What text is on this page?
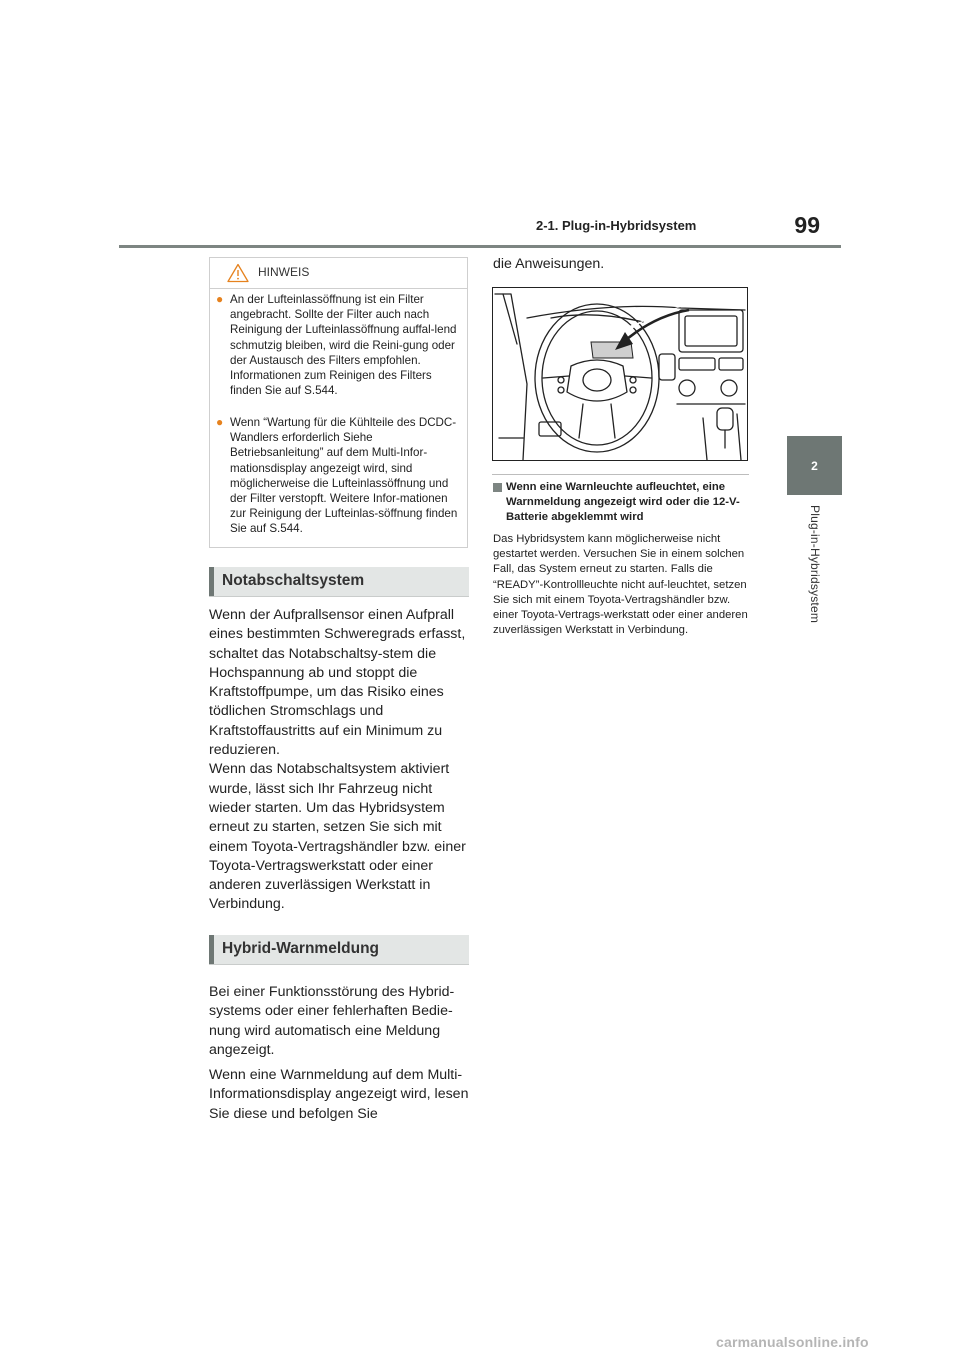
2-1. Plug-in-Hybridsystem	99
2
Plug-in-Hybridsystem
HINWEIS
● An der Lufteinlassöffnung ist ein Filter angebracht. Sollte der Filter auch nach Reinigung der Lufteinlassöffnung auffal-lend schmutzig bleiben, wird die Reini-gung oder der Austausch des Filters empfohlen. Informationen zum Reinigen des Filters finden Sie auf S.544.
● Wenn “Wartung für die Kühlteile des DCDC-Wandlers erforderlich Siehe Betriebsanleitung” auf dem Multi-Infor-mationsdisplay angezeigt wird, sind möglicherweise die Lufteinlassöffnung und der Filter verstopft. Weitere Infor-mationen zur Reinigung der Lufteinlas-söffnung finden Sie auf S.544.
Notabschaltsystem

Wenn der Aufprallsensor einen Aufprall eines bestimmten Schweregrads erfasst, schaltet das Notabschaltsy-stem die Hochspannung ab und stoppt die Kraftstoffpumpe, um das Risiko eines tödlichen Stromschlags und Kraftstoffaustritts auf ein Minimum zu reduzieren.

Wenn das Notabschaltsystem aktiviert wurde, lässt sich Ihr Fahrzeug nicht wieder starten. Um das Hybridsystem erneut zu starten, setzen Sie sich mit einem Toyota-Vertragshändler bzw. einer Toyota-Vertragswerkstatt oder einer anderen zuverlässigen Werkstatt in Verbindung.

Hybrid-Warnmeldung

Bei einer Funktionsstörung des Hybrid-systems oder einer fehlerhaften Bedie-nung wird automatisch eine Meldung angezeigt.

Wenn eine Warnmeldung auf dem Multi-Informationsdisplay angezeigt wird, lesen Sie diese und befolgen Sie

die Anweisungen.
Wenn eine Warnleuchte aufleuchtet, eine Warnmeldung angezeigt wird oder die 12-V-Batterie abgeklemmt wird
Das Hybridsystem kann möglicherweise nicht gestartet werden. Versuchen Sie in einem solchen Fall, das System erneut zu starten. Falls die “READY”-Kontrollleuchte nicht auf-leuchtet, setzen Sie sich mit einem Toyota-Vertragshändler bzw. einer Toyota-Vertrags-werkstatt oder einer anderen zuverlässigen Werkstatt in Verbindung.
carmanualsonline.info
